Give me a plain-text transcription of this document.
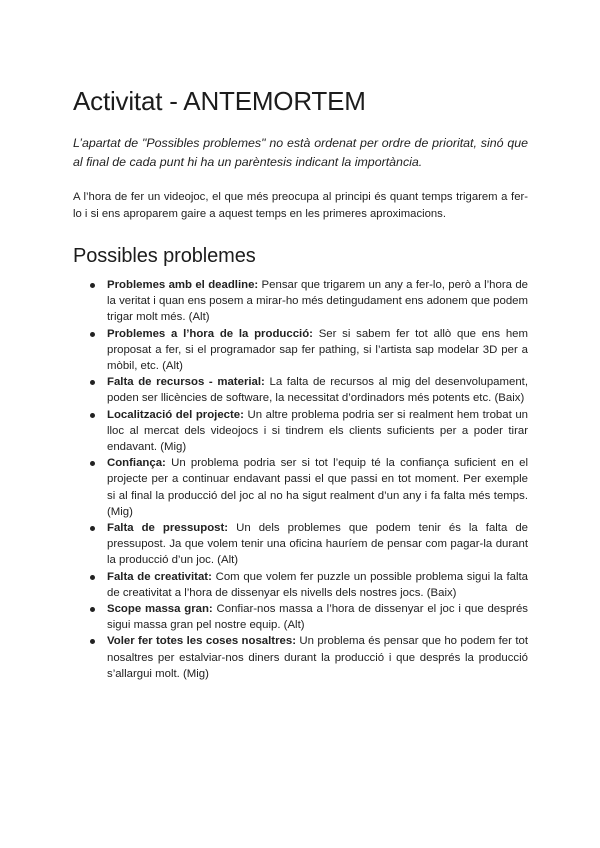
Activitat - ANTEMORTEM

L’apartat de "Possibles problemes" no està ordenat per ordre de prioritat, sinó que al final de cada punt hi ha un parèntesis indicant la importància.

A l’hora de fer un videojoc, el que més preocupa al principi és quant temps trigarem a fer-lo i si ens aproparem gaire a aquest temps en les primeres aproximacions.

Possibles problemes
Problemes amb el deadline: Pensar que trigarem un any a fer-lo, però a l’hora de la veritat i quan ens posem a mirar-ho més detingudament ens adonem que podem trigar molt més. (Alt)
Problemes a l’hora de la producció: Ser si sabem fer tot allò que ens hem proposat a fer, si el programador sap fer pathing, si l’artista sap modelar 3D per a mòbil, etc. (Alt)
Falta de recursos - material: La falta de recursos al mig del desenvolupament, poden ser llicències de software, la necessitat d’ordinadors més potents etc. (Baix)
Localització del projecte: Un altre problema podria ser si realment hem trobat un lloc al mercat dels videojocs i si tindrem els clients suficients per a poder tirar endavant. (Mig)
Confiança: Un problema podria ser si tot l’equip té la confiança suficient en el projecte per a continuar endavant passi el que passi en tot moment. Per exemple si al final la producció del joc al no ha sigut realment d’un any i fa falta més temps. (Mig)
Falta de pressupost: Un dels problemes que podem tenir és la falta de pressupost. Ja que volem tenir una oficina hauríem de pensar com pagar-la durant la producció d’un joc. (Alt)
Falta de creativitat: Com que volem fer puzzle un possible problema sigui la falta de creativitat a l’hora de dissenyar els nivells dels nostres jocs. (Baix)
Scope massa gran: Confiar-nos massa a l’hora de dissenyar el joc i que després sigui massa gran pel nostre equip. (Alt)
Voler fer totes les coses nosaltres: Un problema és pensar que ho podem fer tot nosaltres per estalviar-nos diners durant la producció i que després la producció s’allargui molt. (Mig)
